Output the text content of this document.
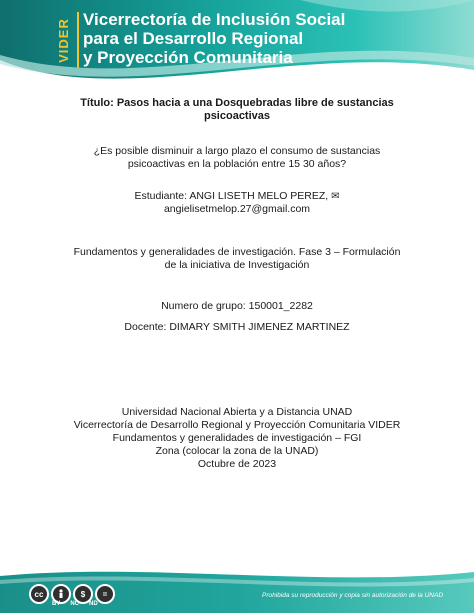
VIDER Vicerrectoría de Inclusión Social
para el Desarrollo Regional
y Proyección Comunitaria
Título: Pasos hacia a una Dosquebradas libre de sustancias
psicoactivas
¿Es posible disminuir a largo plazo el consumo de sustancias
psicoactivas en la población entre 15 30 años?
Estudiante: ANGI LISETH MELO PEREZ, ✉
angielisetmelop.27@gmail.com
Fundamentos y generalidades de investigación. Fase 3 – Formulación
de la iniciativa de Investigación
Numero de grupo: 150001_2282
Docente: DIMARY SMITH JIMENEZ MARTINEZ
Universidad Nacional Abierta y a Distancia UNAD
Vicerrectoría de Desarrollo Regional y Proyección Comunitaria VIDER
Fundamentos y generalidades de investigación – FGI
Zona (colocar la zona de la UNAD)
Octubre de 2023
cc	$	=
BY NC ND
Prohibida su reproducción y copia sin autorización de la UNAD
